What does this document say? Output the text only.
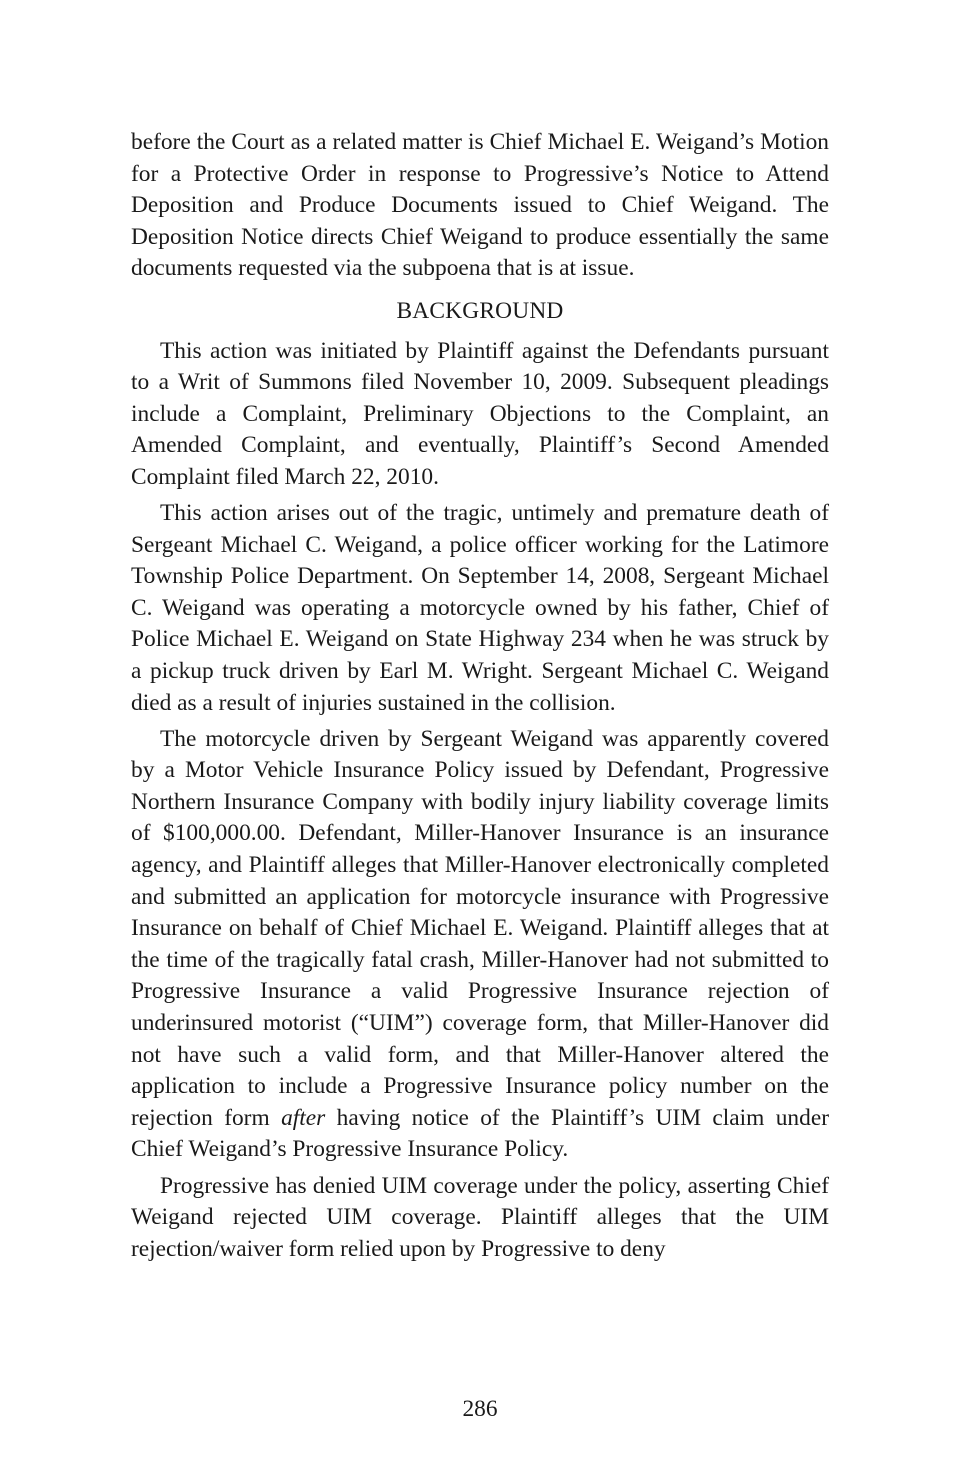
before the Court as a related matter is Chief Michael E. Weigand’s Motion for a Protective Order in response to Progressive’s Notice to Attend Deposition and Produce Documents issued to Chief Weigand. The Deposition Notice directs Chief Weigand to produce essentially the same documents requested via the subpoena that is at issue.

BACKGROUND

This action was initiated by Plaintiff against the Defendants pursuant to a Writ of Summons filed November 10, 2009. Subsequent pleadings include a Complaint, Preliminary Objections to the Complaint, an Amended Complaint, and eventually, Plaintiff’s Second Amended Complaint filed March 22, 2010.

This action arises out of the tragic, untimely and premature death of Sergeant Michael C. Weigand, a police officer working for the Latimore Township Police Department. On September 14, 2008, Sergeant Michael C. Weigand was operating a motorcycle owned by his father, Chief of Police Michael E. Weigand on State Highway 234 when he was struck by a pickup truck driven by Earl M. Wright. Sergeant Michael C. Weigand died as a result of injuries sustained in the collision.

The motorcycle driven by Sergeant Weigand was apparently covered by a Motor Vehicle Insurance Policy issued by Defendant, Progressive Northern Insurance Company with bodily injury liability coverage limits of $100,000.00. Defendant, Miller-Hanover Insurance is an insurance agency, and Plaintiff alleges that Miller-Hanover electronically completed and submitted an application for motorcycle insurance with Progressive Insurance on behalf of Chief Michael E. Weigand. Plaintiff alleges that at the time of the tragically fatal crash, Miller-Hanover had not submitted to Progressive Insurance a valid Progressive Insurance rejection of underinsured motorist (“UIM”) coverage form, that Miller-Hanover did not have such a valid form, and that Miller-Hanover altered the application to include a Progressive Insurance policy number on the rejection form after having notice of the Plaintiff’s UIM claim under Chief Weigand’s Progressive Insurance Policy.

Progressive has denied UIM coverage under the policy, asserting Chief Weigand rejected UIM coverage. Plaintiff alleges that the UIM rejection/waiver form relied upon by Progressive to deny

286
